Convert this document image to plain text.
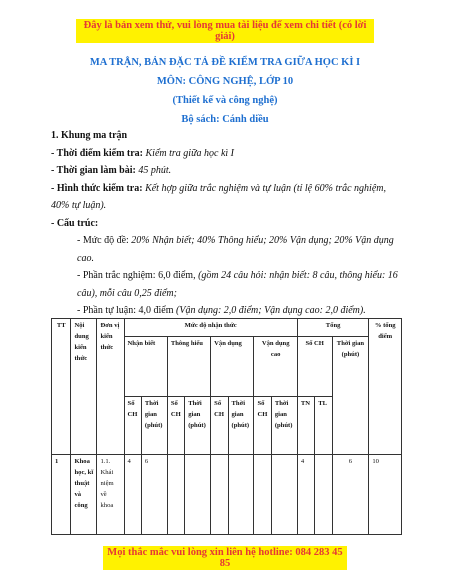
Đây là bản xem thử, vui lòng mua tài liệu để xem chi tiết (có lời giải)
MA TRẬN, BẢN ĐẶC TẢ ĐỀ KIỂM TRA GIỮA HỌC KÌ I
MÔN: CÔNG NGHỆ, LỚP 10
(Thiết kế và công nghệ)
Bộ sách: Cánh diều

1. Khung ma trận

- Thời điểm kiểm tra: Kiểm tra giữa học kì I

- Thời gian làm bài: 45 phút.

- Hình thức kiểm tra: Kết hợp giữa trắc nghiệm và tự luận (tỉ lệ 60% trắc nghiệm, 40% tự luận).

- Cấu trúc:

- Mức độ đề: 20% Nhận biết; 40% Thông hiểu; 20% Vận dụng; 20% Vận dụng cao.

- Phần trắc nghiệm: 6,0 điểm, (gồm 24 câu hỏi: nhận biết: 8 câu, thông hiểu: 16 câu), mỗi câu 0,25 điểm;

- Phần tự luận: 4,0 điểm (Vận dụng: 2,0 điểm; Vận dụng cao: 2,0 điểm).

TT	Nội dung kiến thức	Đơn vị kiến thức	Mức độ nhận thức								Tổng			% tổng điểm
			Nhận biết		Thông hiểu		Vận dụng		Vận dụng cao		Số CH		Thời gian (phút)	
			Số CH	Thời gian (phút)	Số CH	Thời gian (phút)	Số CH	Thời gian (phút)	Số CH	Thời gian (phút)	TN	TL		
1	Khoa học, kĩ thuật và công	1.1. Khái niệm về khoa	4	6							4		6	10
Mọi thắc mắc vui lòng xin liên hệ hotline: 084 283 45 85
